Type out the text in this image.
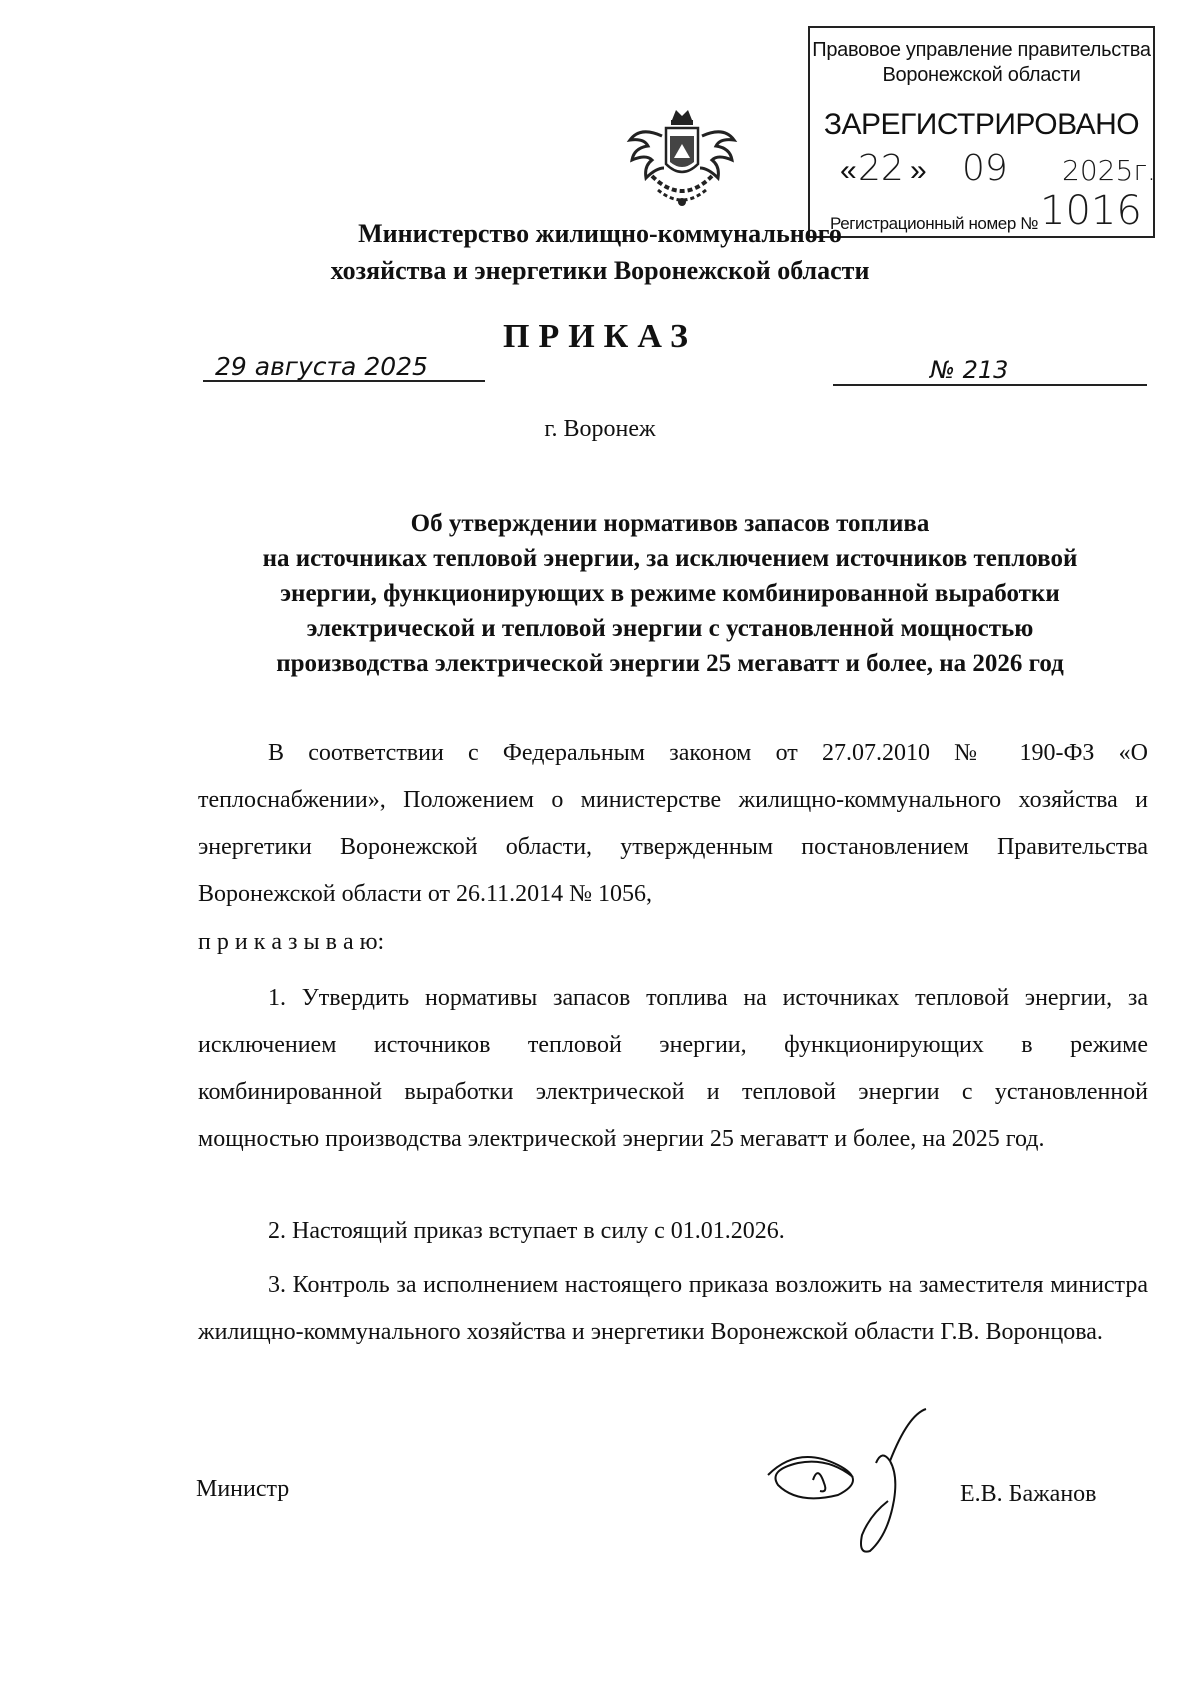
Правовое управление правительства
Воронежской области
ЗАРЕГИСТРИРОВАНО
« 22 » 09 2025г.
Регистрационный номер № 1016
Министерство жилищно-коммунального
хозяйства и энергетики Воронежской области
ПРИКАЗ
29 августа 2025	№ 213
г. Воронеж
Об утверждении нормативов запасов топлива
на источниках тепловой энергии, за исключением источников тепловой
энергии, функционирующих в режиме комбинированной выработки
электрической и тепловой энергии с установленной мощностью
производства электрической энергии 25 мегаватт и более, на 2026 год
В соответствии с Федеральным законом от 27.07.2010 № 190-ФЗ «О теплоснабжении», Положением о министерстве жилищно-коммунального хозяйства и энергетики Воронежской области, утвержденным постановлением Правительства Воронежской области от 26.11.2014 № 1056,

п р и к а з ы в а ю:
1. Утвердить нормативы запасов топлива на источниках тепловой энергии, за исключением источников тепловой энергии, функционирующих в режиме комбинированной выработки электрической и тепловой энергии с установленной мощностью производства электрической энергии 25 мегаватт и более, на 2025 год.
2. Настоящий приказ вступает в силу с 01.01.2026.
3. Контроль за исполнением настоящего приказа возложить на заместителя министра жилищно-коммунального хозяйства и энергетики Воронежской области Г.В. Воронцова.
Министр	Е.В. Бажанов
